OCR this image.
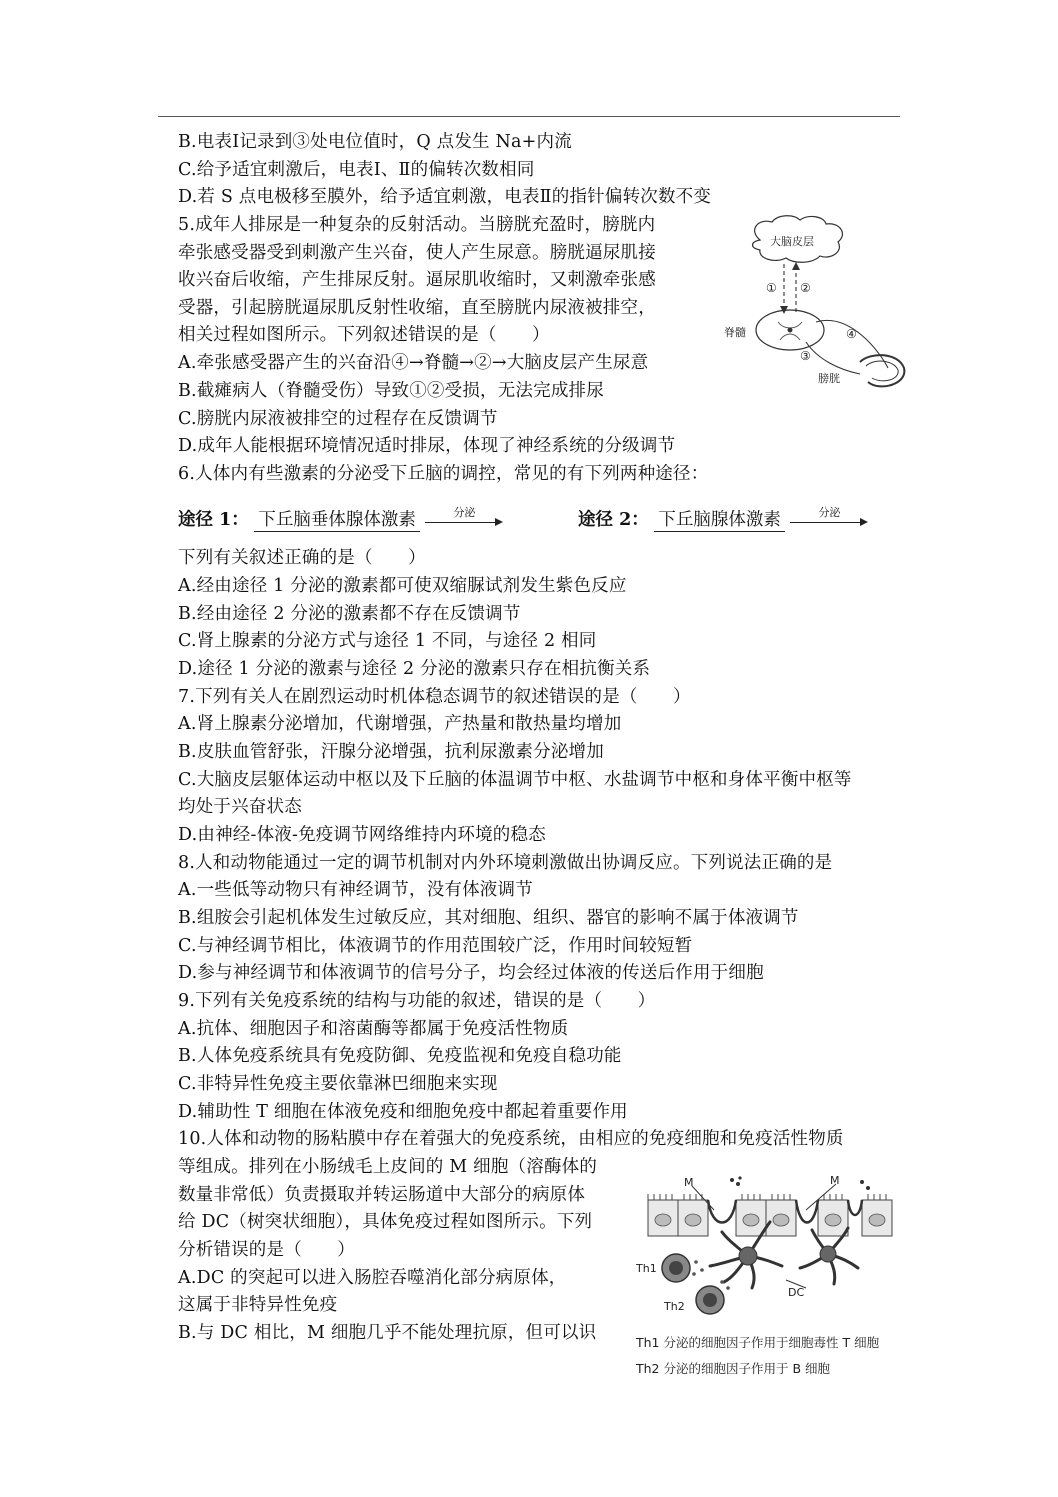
B.电表Ⅰ记录到③处电位值时，Q 点发生 Na+内流
C.给予适宜刺激后，电表Ⅰ、Ⅱ的偏转次数相同
D.若 S 点电极移至膜外，给予适宜刺激，电表Ⅱ的指针偏转次数不变
5.成年人排尿是一种复杂的反射活动。当膀胱充盈时，膀胱内
牵张感受器受到刺激产生兴奋，使人产生尿意。膀胱逼尿肌接
收兴奋后收缩，产生排尿反射。逼尿肌收缩时，又刺激牵张感
受器，引起膀胱逼尿肌反射性收缩，直至膀胱内尿液被排空，
相关过程如图所示。下列叙述错误的是（　　）
A.牵张感受器产生的兴奋沿④→脊髓→②→大脑皮层产生尿意
B.截瘫病人（脊髓受伤）导致①②受损，无法完成排尿
C.膀胱内尿液被排空的过程存在反馈调节
D.成年人能根据环境情况适时排尿，体现了神经系统的分级调节
6.人体内有些激素的分泌受下丘脑的调控，常见的有下列两种途径：
途径 1： 下丘脑垂体腺体激素	分泌	途径 2： 下丘脑腺体激素	分泌
下列有关叙述正确的是（　　）
A.经由途径 1 分泌的激素都可使双缩脲试剂发生紫色反应
B.经由途径 2 分泌的激素都不存在反馈调节
C.肾上腺素的分泌方式与途径 1 不同，与途径 2 相同
D.途径 1 分泌的激素与途径 2 分泌的激素只存在相抗衡关系
7.下列有关人在剧烈运动时机体稳态调节的叙述错误的是（　　）
A.肾上腺素分泌增加，代谢增强，产热量和散热量均增加
B.皮肤血管舒张，汗腺分泌增强，抗利尿激素分泌增加
C.大脑皮层躯体运动中枢以及下丘脑的体温调节中枢、水盐调节中枢和身体平衡中枢等
均处于兴奋状态
D.由神经-体液-免疫调节网络维持内环境的稳态
8.人和动物能通过一定的调节机制对内外环境刺激做出协调反应。下列说法正确的是
A.一些低等动物只有神经调节，没有体液调节
B.组胺会引起机体发生过敏反应，其对细胞、组织、器官的影响不属于体液调节
C.与神经调节相比，体液调节的作用范围较广泛，作用时间较短暂
D.参与神经调节和体液调节的信号分子，均会经过体液的传送后作用于细胞
9.下列有关免疫系统的结构与功能的叙述，错误的是（　　）
A.抗体、细胞因子和溶菌酶等都属于免疫活性物质
B.人体免疫系统具有免疫防御、免疫监视和免疫自稳功能
C.非特异性免疫主要依靠淋巴细胞来实现
D.辅助性 T 细胞在体液免疫和细胞免疫中都起着重要作用
10.人体和动物的肠粘膜中存在着强大的免疫系统，由相应的免疫细胞和免疫活性物质
等组成。排列在小肠绒毛上皮间的 M 细胞（溶酶体的
数量非常低）负责摄取并转运肠道中大部分的病原体
给 DC（树突状细胞），具体免疫过程如图所示。下列
分析错误的是（　　）
A.DC 的突起可以进入肠腔吞噬消化部分病原体，
这属于非特异性免疫
B.与 DC 相比，M 细胞几乎不能处理抗原，但可以识
大脑皮层
① ②
脊髓	④
③
膀胱
M	M
DC
Th1
Th2
Th1 分泌的细胞因子作用于细胞毒性 T 细胞
Th2 分泌的细胞因子作用于 B 细胞
